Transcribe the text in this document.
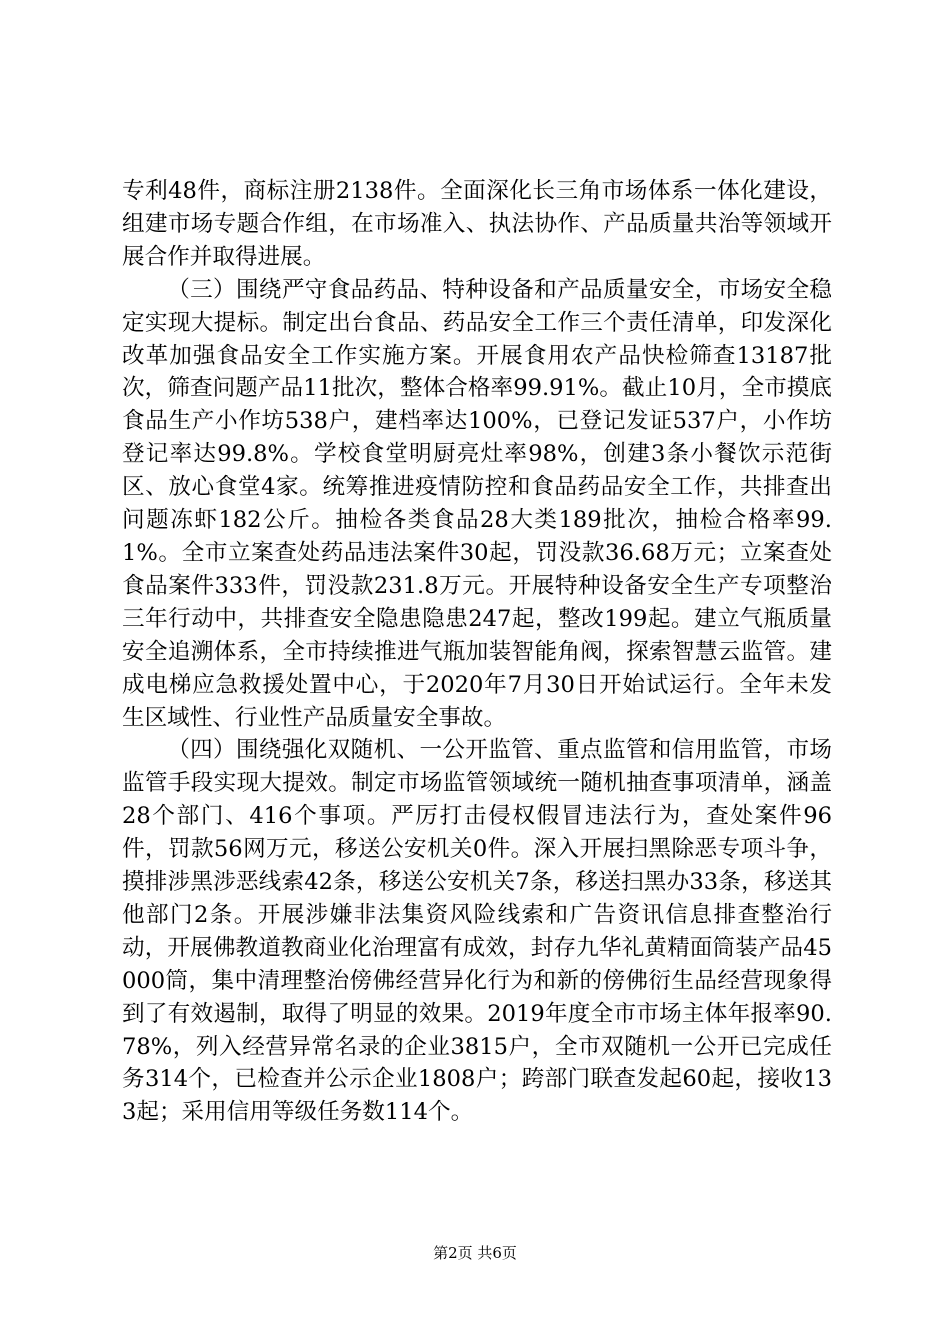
专利48件，商标注册2138件。全面深化长三角市场体系一体化建设，组建市场专题合作组，在市场准入、执法协作、产品质量共治等领域开展合作并取得进展。

（三）围绕严守食品药品、特种设备和产品质量安全，市场安全稳定实现大提标。制定出台食品、药品安全工作三个责任清单，印发深化改革加强食品安全工作实施方案。开展食用农产品快检筛查13187批次，筛查问题产品11批次，整体合格率99.91%。截止10月，全市摸底食品生产小作坊538户，建档率达100%，已登记发证537户，小作坊登记率达99.8%。学校食堂明厨亮灶率98%，创建3条小餐饮示范街区、放心食堂4家。统筹推进疫情防控和食品药品安全工作，共排查出问题冻虾182公斤。抽检各类食品28大类189批次，抽检合格率99.1%。全市立案查处药品违法案件30起，罚没款36.68万元；立案查处食品案件333件，罚没款231.8万元。开展特种设备安全生产专项整治三年行动中，共排查安全隐患隐患247起，整改199起。建立气瓶质量安全追溯体系，全市持续推进气瓶加装智能角阀，探索智慧云监管。建成电梯应急救援处置中心，于2020年7月30日开始试运行。全年未发生区域性、行业性产品质量安全事故。

（四）围绕强化双随机、一公开监管、重点监管和信用监管，市场监管手段实现大提效。制定市场监管领域统一随机抽查事项清单，涵盖28个部门、416个事项。严厉打击侵权假冒违法行为，查处案件96件，罚款56网万元，移送公安机关0件。深入开展扫黑除恶专项斗争，摸排涉黑涉恶线索42条，移送公安机关7条，移送扫黑办33条，移送其他部门2条。开展涉嫌非法集资风险线索和广告资讯信息排查整治行动，开展佛教道教商业化治理富有成效，封存九华礼黄精面筒装产品45000筒，集中清理整治傍佛经营异化行为和新的傍佛衍生品经营现象得到了有效遏制，取得了明显的效果。2019年度全市市场主体年报率90.78%，列入经营异常名录的企业3815户，全市双随机一公开已完成任务314个，已检查并公示企业1808户；跨部门联查发起60起，接收133起；采用信用等级任务数114个。

第2页 共6页
